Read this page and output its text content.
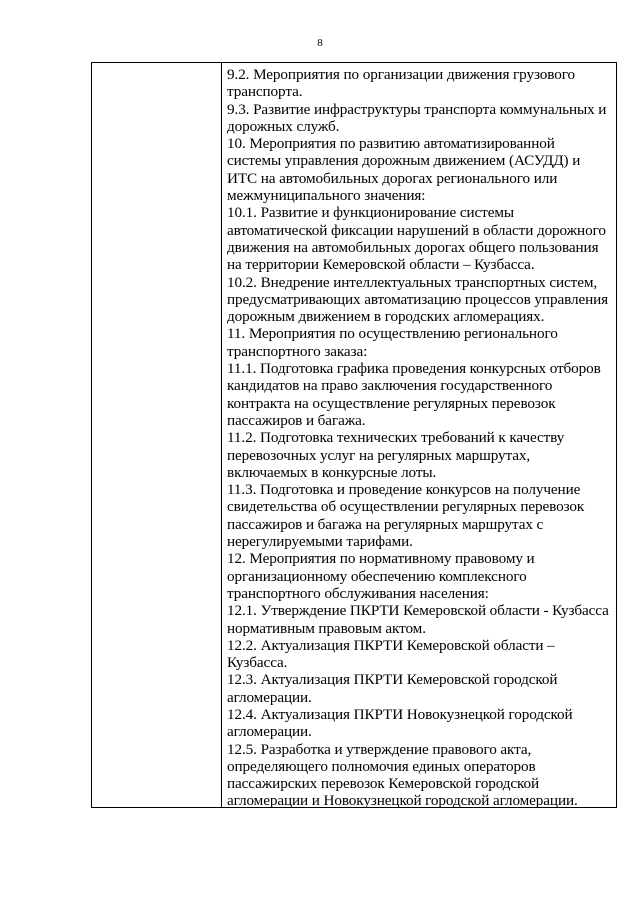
8
9.2. Мероприятия по организации движения грузового
транспорта.
9.3. Развитие инфраструктуры транспорта коммунальных и
дорожных служб.
10. Мероприятия по развитию автоматизированной
системы управления дорожным движением (АСУДД) и
ИТС на автомобильных дорогах регионального или
межмуниципального значения:
10.1. Развитие и функционирование системы
автоматической фиксации нарушений в области дорожного
движения на автомобильных дорогах общего пользования
на территории Кемеровской области – Кузбасса.
10.2. Внедрение интеллектуальных транспортных систем,
предусматривающих автоматизацию процессов управления
дорожным движением в городских агломерациях.
11. Мероприятия по осуществлению регионального
транспортного заказа:
11.1. Подготовка графика проведения конкурсных отборов
кандидатов на право заключения государственного
контракта на осуществление регулярных перевозок
пассажиров и багажа.
11.2. Подготовка технических требований к качеству
перевозочных услуг на регулярных маршрутах,
включаемых в конкурсные лоты.
11.3. Подготовка и проведение конкурсов на получение
свидетельства об осуществлении регулярных перевозок
пассажиров и багажа на регулярных маршрутах с
нерегулируемыми тарифами.
12. Мероприятия по нормативному правовому и
организационному обеспечению комплексного
транспортного обслуживания населения:
12.1. Утверждение ПКРТИ Кемеровской области - Кузбасса
нормативным правовым актом.
12.2. Актуализация ПКРТИ Кемеровской области –
Кузбасса.
12.3. Актуализация ПКРТИ Кемеровской городской
агломерации.
12.4. Актуализация ПКРТИ Новокузнецкой городской
агломерации.
12.5. Разработка и утверждение правового акта,
определяющего полномочия единых операторов
пассажирских перевозок Кемеровской городской
агломерации и Новокузнецкой городской агломерации.
